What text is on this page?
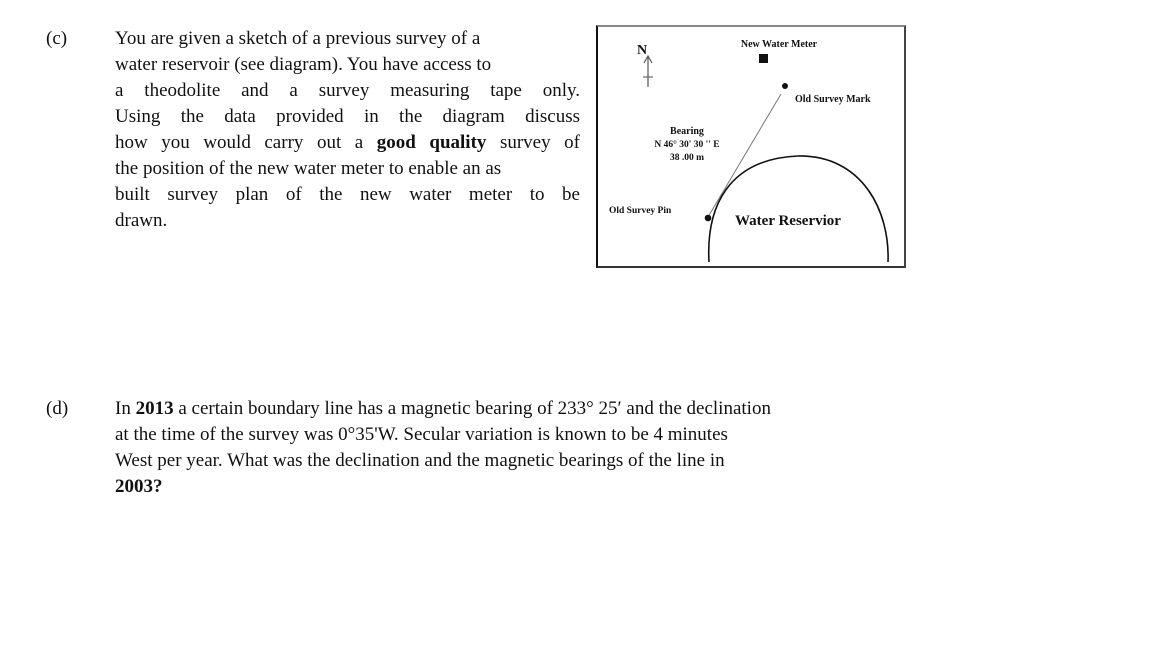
(c)	You are given a sketch of a previous survey of a
water reservoir (see diagram). You have access to
a theodolite and a survey measuring tape only.
Using the data provided in the diagram discuss
how you would carry out a good quality survey of
the position of the new water meter to enable an as
built survey plan of the new water meter to be
drawn.
N	New Water Meter
Old Survey Mark
Bearing
N 46° 30' 30 '' E
38 .00 m
Old Survey Pin
Water Reservior
(d) In 2013 a certain boundary line has a magnetic bearing of 233° 25′ and the declination
at the time of the survey was 0°35'W. Secular variation is known to be 4 minutes
West per year. What was the declination and the magnetic bearings of the line in
2003?
